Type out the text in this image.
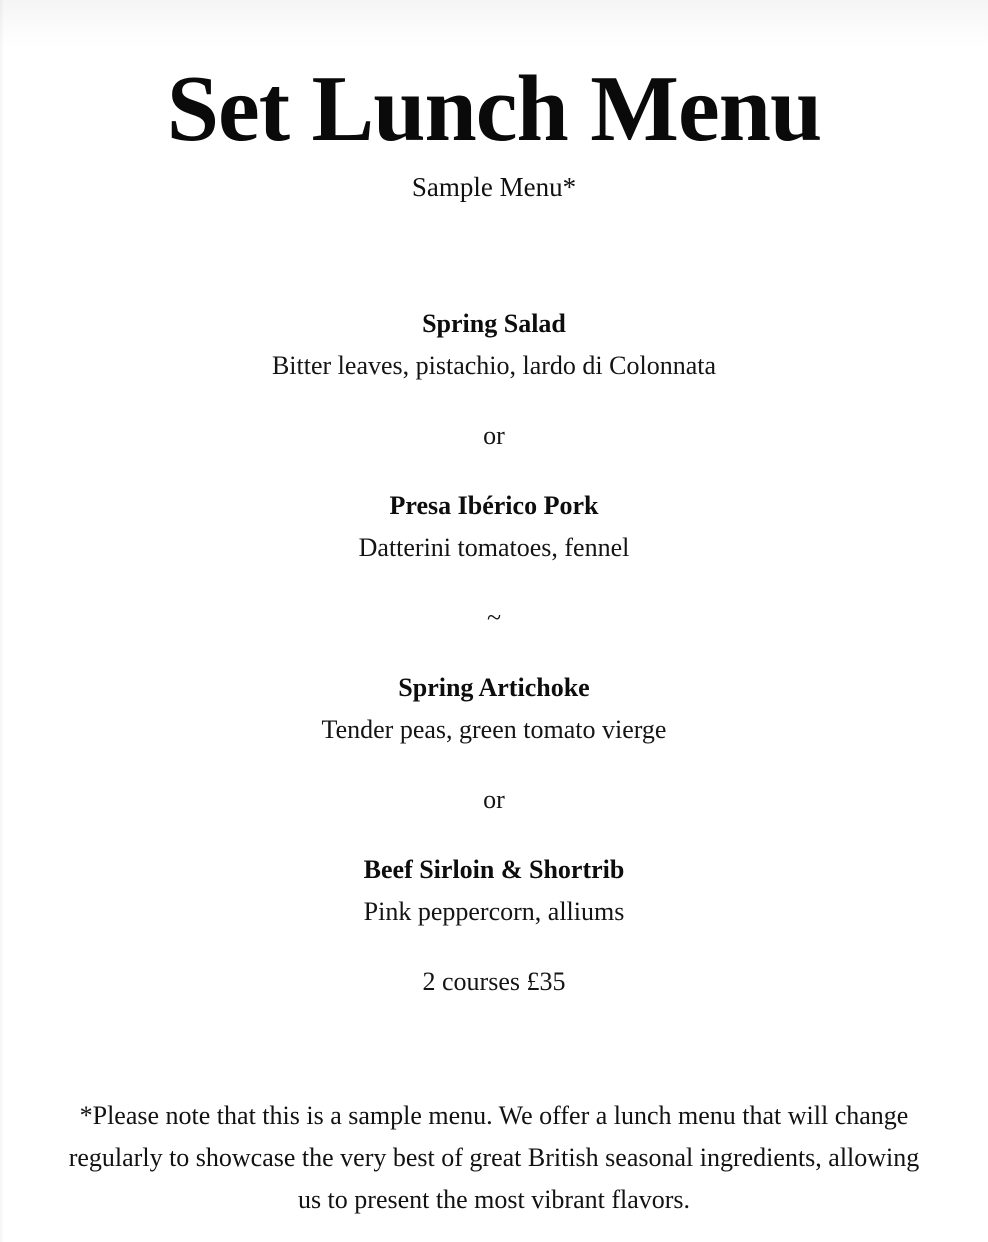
Set Lunch Menu
Sample Menu*
Spring Salad
Bitter leaves, pistachio, lardo di Colonnata
or
Presa Ibérico Pork
Datterini tomatoes, fennel
~
Spring Artichoke
Tender peas, green tomato vierge
or
Beef Sirloin & Shortrib
Pink peppercorn, alliums
2 courses £35

*Please note that this is a sample menu. We offer a lunch menu that will change regularly to showcase the very best of great British seasonal ingredients, allowing us to present the most vibrant flavors.
